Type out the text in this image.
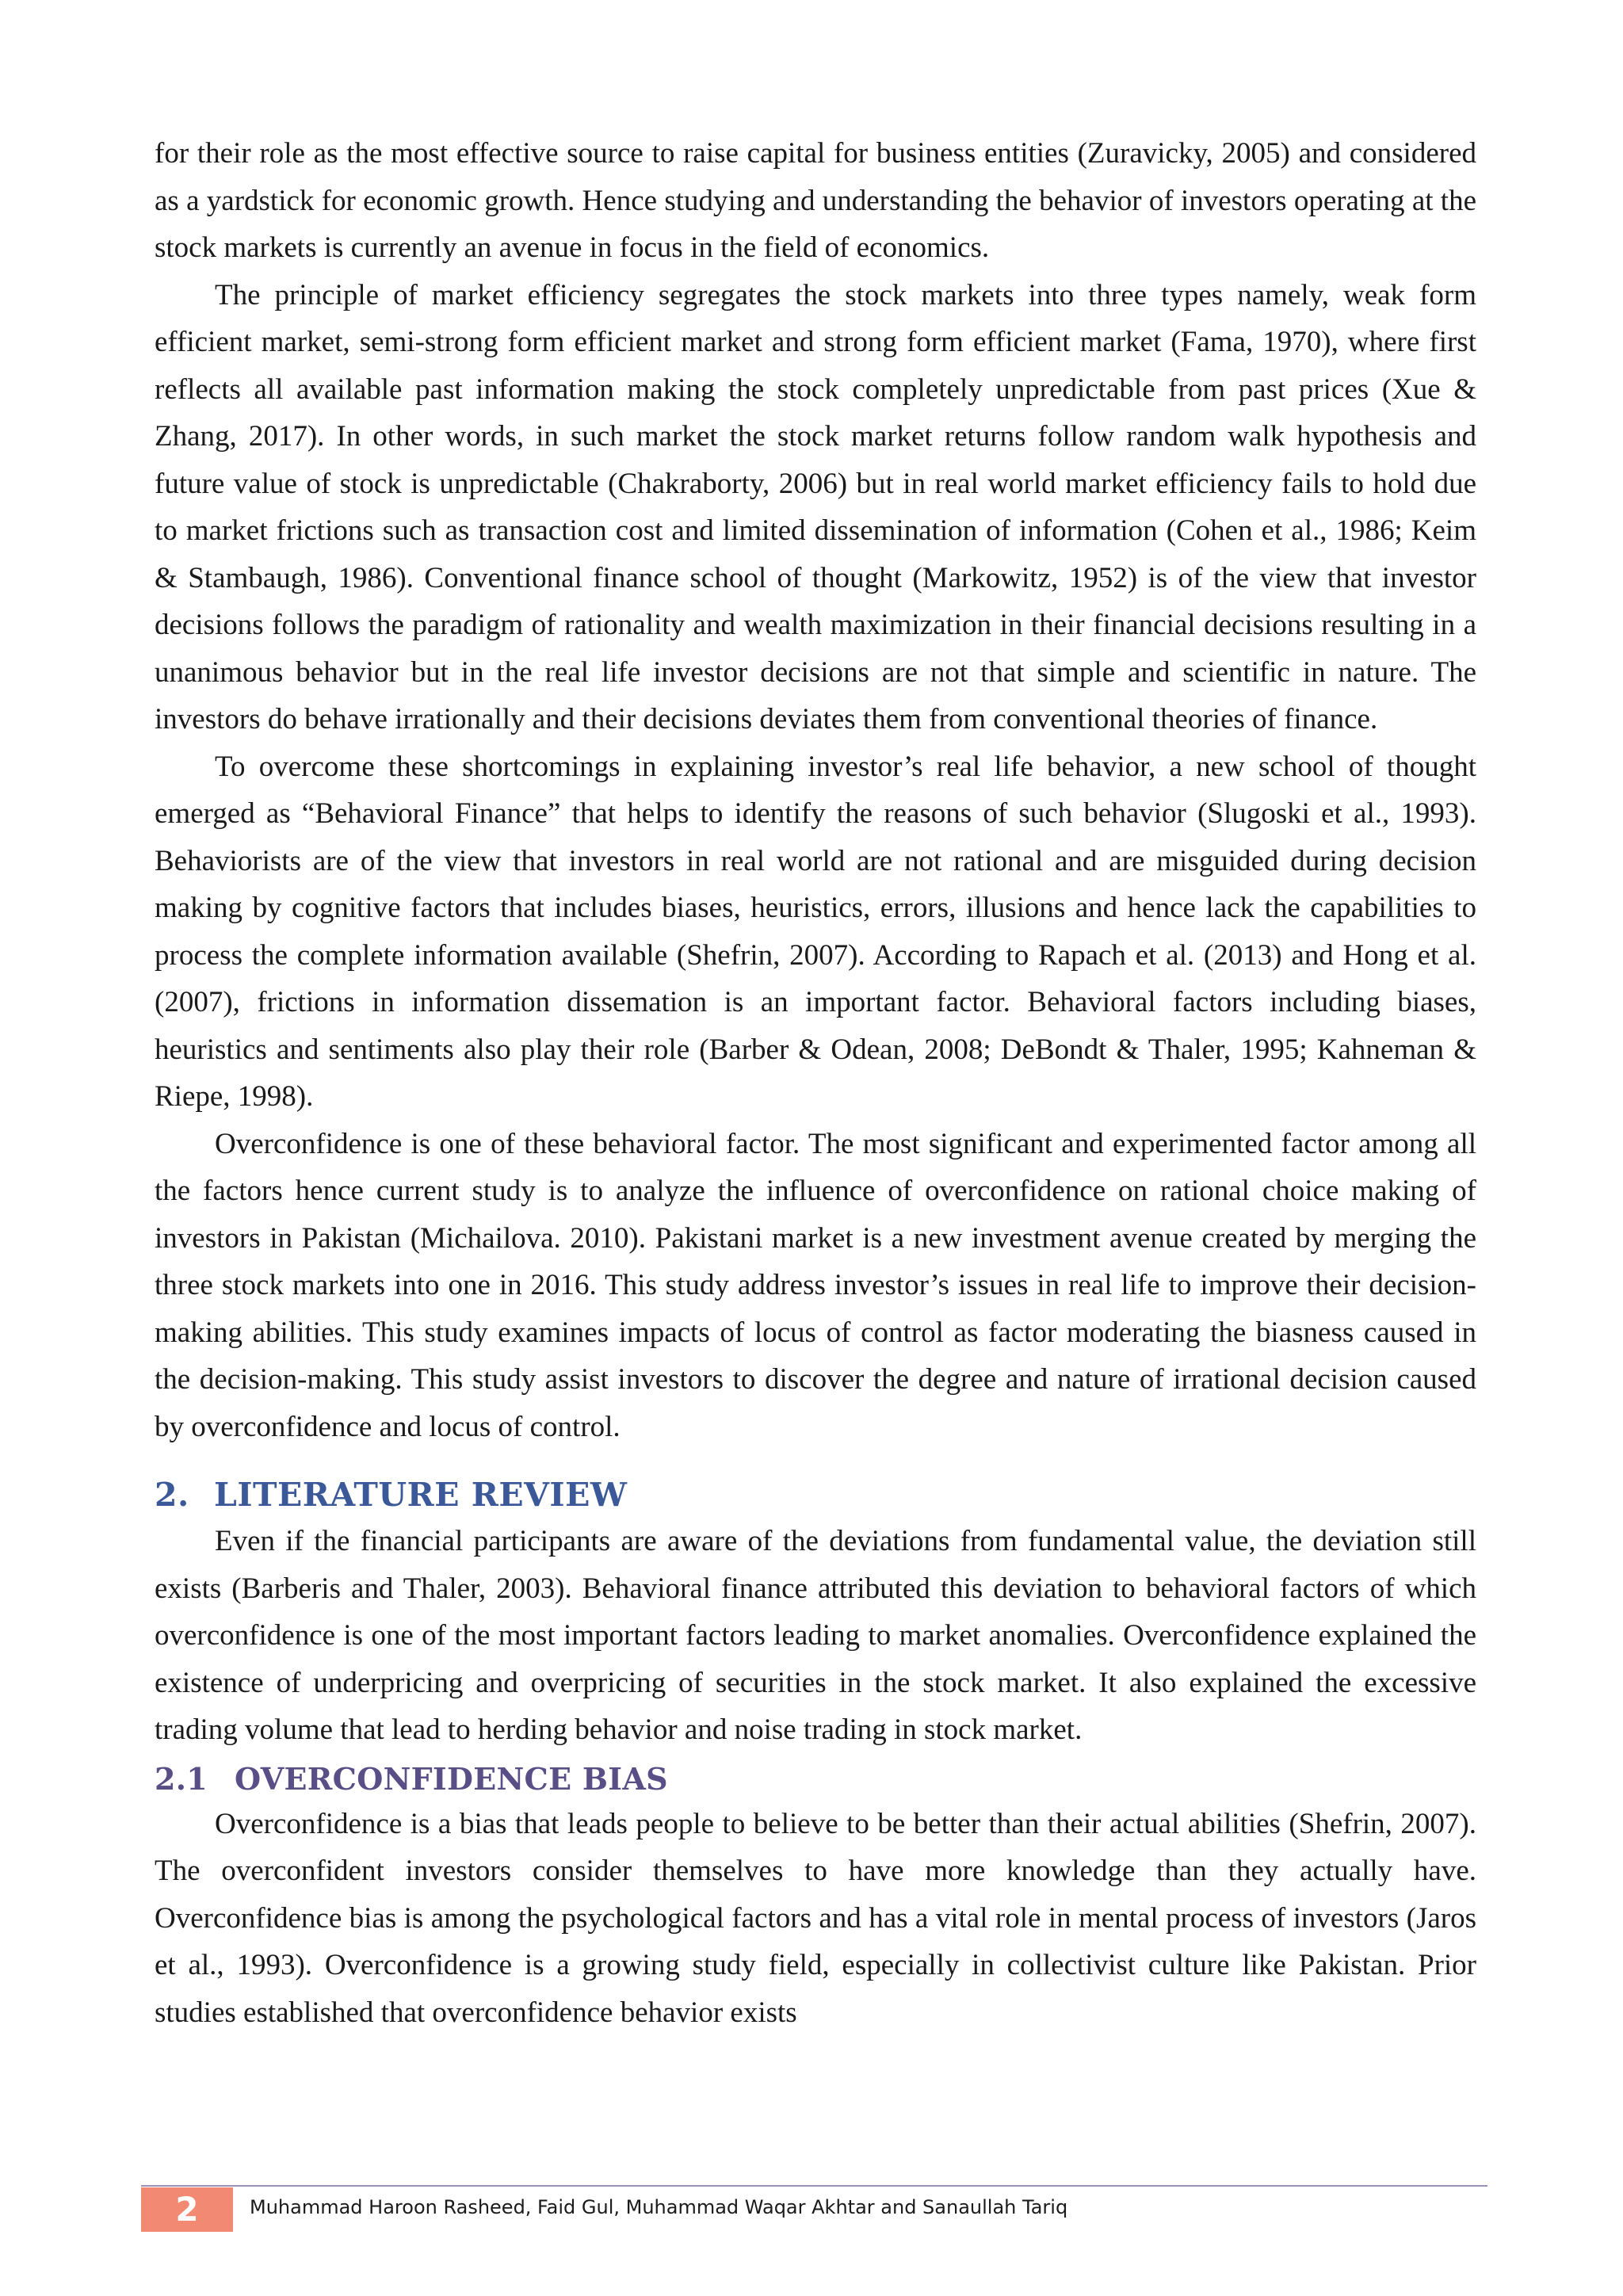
for their role as the most effective source to raise capital for business entities (Zuravicky, 2005) and considered as a yardstick for economic growth. Hence studying and understanding the behavior of investors operating at the stock markets is currently an avenue in focus in the field of economics.

The principle of market efficiency segregates the stock markets into three types namely, weak form efficient market, semi-strong form efficient market and strong form efficient market (Fama, 1970), where first reflects all available past information making the stock completely unpredictable from past prices (Xue & Zhang, 2017). In other words, in such market the stock market returns follow random walk hypothesis and future value of stock is unpredictable (Chakraborty, 2006) but in real world market efficiency fails to hold due to market frictions such as transaction cost and limited dissemination of information (Cohen et al., 1986; Keim & Stambaugh, 1986). Conventional finance school of thought (Markowitz, 1952) is of the view that investor decisions follows the paradigm of rationality and wealth maximization in their financial decisions resulting in a unanimous behavior but in the real life investor decisions are not that simple and scientific in nature. The investors do behave irrationally and their decisions deviates them from conventional theories of finance.

To overcome these shortcomings in explaining investor’s real life behavior, a new school of thought emerged as “Behavioral Finance” that helps to identify the reasons of such behavior (Slugoski et al., 1993). Behaviorists are of the view that investors in real world are not rational and are misguided during decision making by cognitive factors that includes biases, heuristics, errors, illusions and hence lack the capabilities to process the complete information available (Shefrin, 2007). According to Rapach et al. (2013) and Hong et al. (2007), frictions in information dissemation is an important factor. Behavioral factors including biases, heuristics and sentiments also play their role (Barber & Odean, 2008; DeBondt & Thaler, 1995; Kahneman & Riepe, 1998).

Overconfidence is one of these behavioral factor. The most significant and experimented factor among all the factors hence current study is to analyze the influence of overconfidence on rational choice making of investors in Pakistan (Michailova. 2010). Pakistani market is a new investment avenue created by merging the three stock markets into one in 2016. This study address investor’s issues in real life to improve their decision-making abilities. This study examines impacts of locus of control as factor moderating the biasness caused in the decision-making. This study assist investors to discover the degree and nature of irrational decision caused by overconfidence and locus of control.

2. LITERATURE REVIEW

Even if the financial participants are aware of the deviations from fundamental value, the deviation still exists (Barberis and Thaler, 2003). Behavioral finance attributed this deviation to behavioral factors of which overconfidence is one of the most important factors leading to market anomalies. Overconfidence explained the existence of underpricing and overpricing of securities in the stock market. It also explained the excessive trading volume that lead to herding behavior and noise trading in stock market.

2.1 OVERCONFIDENCE BIAS

Overconfidence is a bias that leads people to believe to be better than their actual abilities (Shefrin, 2007). The overconfident investors consider themselves to have more knowledge than they actually have. Overconfidence bias is among the psychological factors and has a vital role in mental process of investors (Jaros et al., 1993). Overconfidence is a growing study field, especially in collectivist culture like Pakistan. Prior studies established that overconfidence behavior exists

2	Muhammad Haroon Rasheed, Faid Gul, Muhammad Waqar Akhtar and Sanaullah Tariq
